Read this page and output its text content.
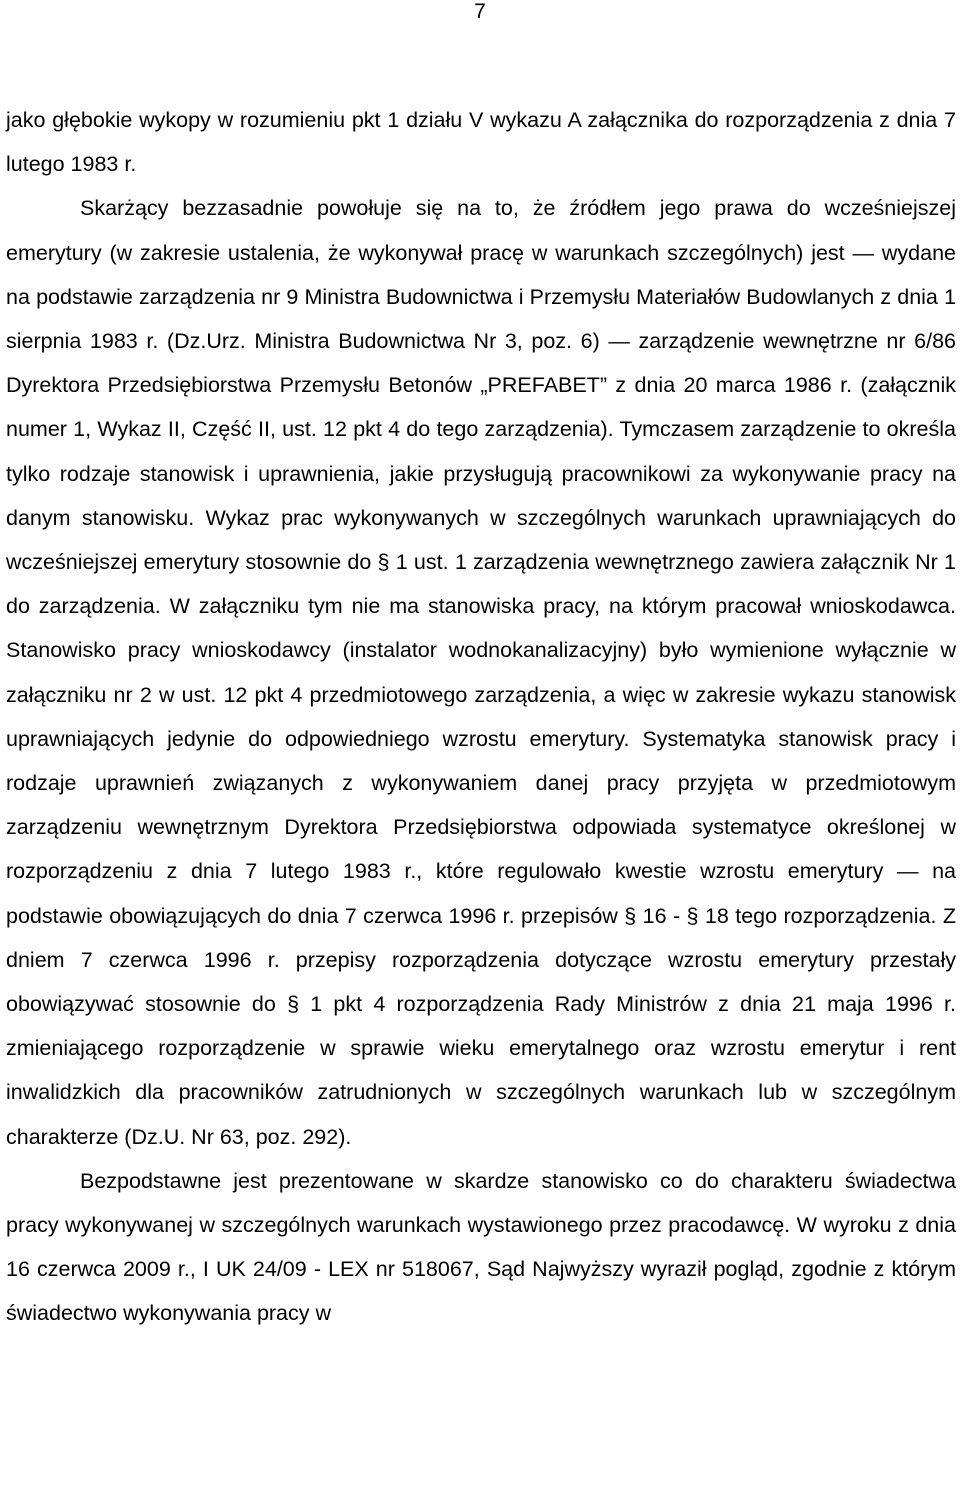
7

jako głębokie wykopy w rozumieniu pkt 1 działu V wykazu A załącznika do rozporządzenia z dnia 7 lutego 1983 r.

Skarżący bezzasadnie powołuje się na to, że źródłem jego prawa do wcześniejszej emerytury (w zakresie ustalenia, że wykonywał pracę w warunkach szczególnych) jest — wydane na podstawie zarządzenia nr 9 Ministra Budownictwa i Przemysłu Materiałów Budowlanych z dnia 1 sierpnia 1983 r. (Dz.Urz. Ministra Budownictwa Nr 3, poz. 6) — zarządzenie wewnętrzne nr 6/86 Dyrektora Przedsiębiorstwa Przemysłu Betonów „PREFABET” z dnia 20 marca 1986 r. (załącznik numer 1, Wykaz II, Część II, ust. 12 pkt 4 do tego zarządzenia). Tymczasem zarządzenie to określa tylko rodzaje stanowisk i uprawnienia, jakie przysługują pracownikowi za wykonywanie pracy na danym stanowisku. Wykaz prac wykonywanych w szczególnych warunkach uprawniających do wcześniejszej emerytury stosownie do § 1 ust. 1 zarządzenia wewnętrznego zawiera załącznik Nr 1 do zarządzenia. W załączniku tym nie ma stanowiska pracy, na którym pracował wnioskodawca. Stanowisko pracy wnioskodawcy (instalator wodnokanalizacyjny) było wymienione wyłącznie w załączniku nr 2 w ust. 12 pkt 4 przedmiotowego zarządzenia, a więc w zakresie wykazu stanowisk uprawniających jedynie do odpowiedniego wzrostu emerytury. Systematyka stanowisk pracy i rodzaje uprawnień związanych z wykonywaniem danej pracy przyjęta w przedmiotowym zarządzeniu wewnętrznym Dyrektora Przedsiębiorstwa odpowiada systematyce określonej w rozporządzeniu z dnia 7 lutego 1983 r., które regulowało kwestie wzrostu emerytury — na podstawie obowiązujących do dnia 7 czerwca 1996 r. przepisów § 16 - § 18 tego rozporządzenia. Z dniem 7 czerwca 1996 r. przepisy rozporządzenia dotyczące wzrostu emerytury przestały obowiązywać stosownie do § 1 pkt 4 rozporządzenia Rady Ministrów z dnia 21 maja 1996 r. zmieniającego rozporządzenie w sprawie wieku emerytalnego oraz wzrostu emerytur i rent inwalidzkich dla pracowników zatrudnionych w szczególnych warunkach lub w szczególnym charakterze (Dz.U. Nr 63, poz. 292).

Bezpodstawne jest prezentowane w skardze stanowisko co do charakteru świadectwa pracy wykonywanej w szczególnych warunkach wystawionego przez pracodawcę. W wyroku z dnia 16 czerwca 2009 r., I UK 24/09 - LEX nr 518067, Sąd Najwyższy wyraził pogląd, zgodnie z którym świadectwo wykonywania pracy w
